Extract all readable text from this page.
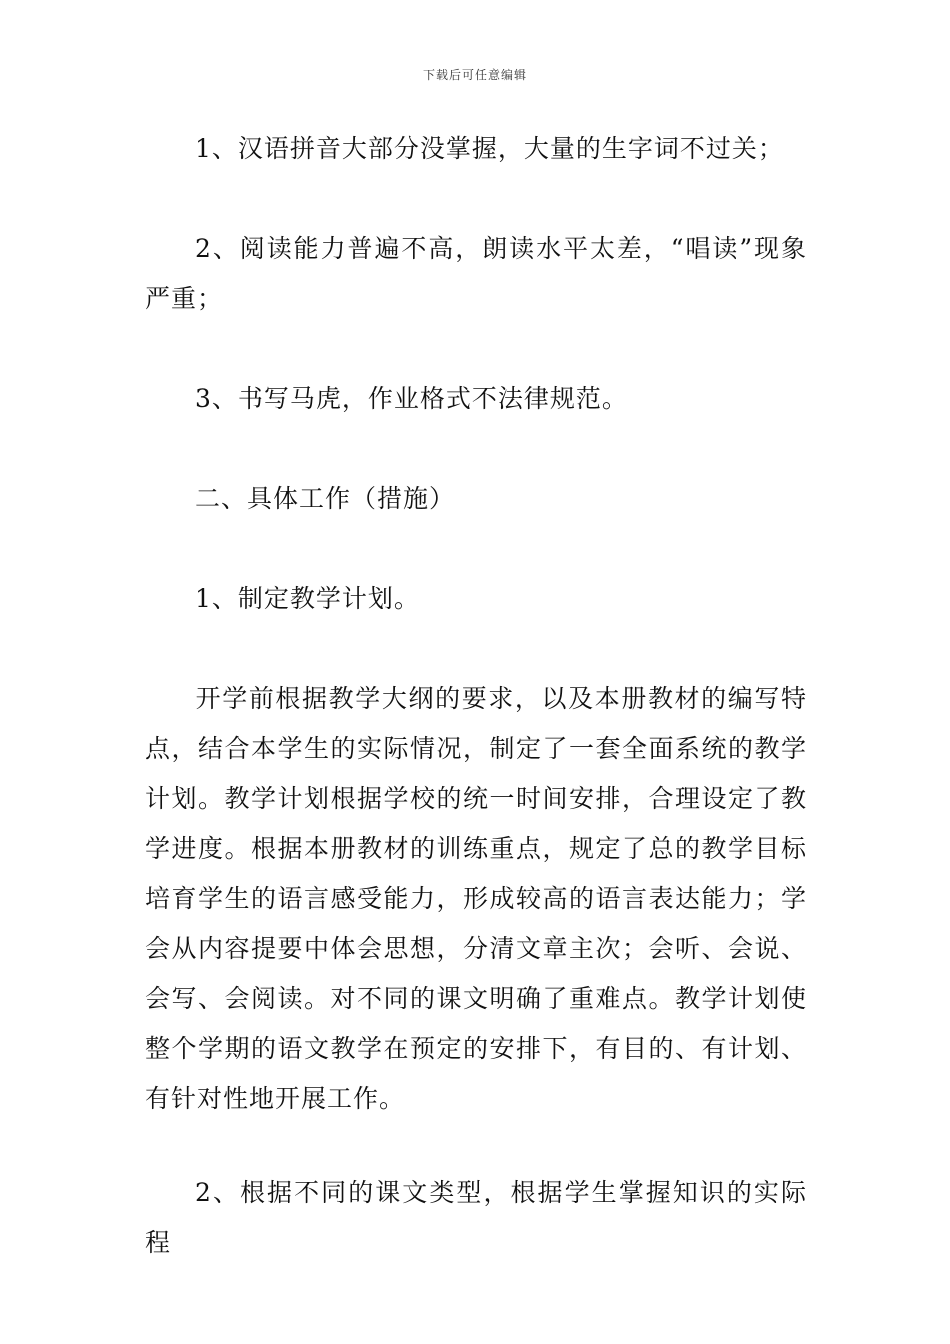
下载后可任意编辑
1、汉语拼音大部分没掌握，大量的生字词不过关；
2、阅读能力普遍不高，朗读水平太差，“唱读”现象严重；
3、书写马虎，作业格式不法律规范。
二、具体工作（措施）
1、制定教学计划。
开学前根据教学大纲的要求，以及本册教材的编写特点，结合本学生的实际情况，制定了一套全面系统的教学计划。教学计划根据学校的统一时间安排，合理设定了教学进度。根据本册教材的训练重点，规定了总的教学目标培育学生的语言感受能力，形成较高的语言表达能力；学会从内容提要中体会思想，分清文章主次；会听、会说、会写、会阅读。对不同的课文明确了重难点。教学计划使整个学期的语文教学在预定的安排下，有目的、有计划、有针对性地开展工作。
2、根据不同的课文类型，根据学生掌握知识的实际程
